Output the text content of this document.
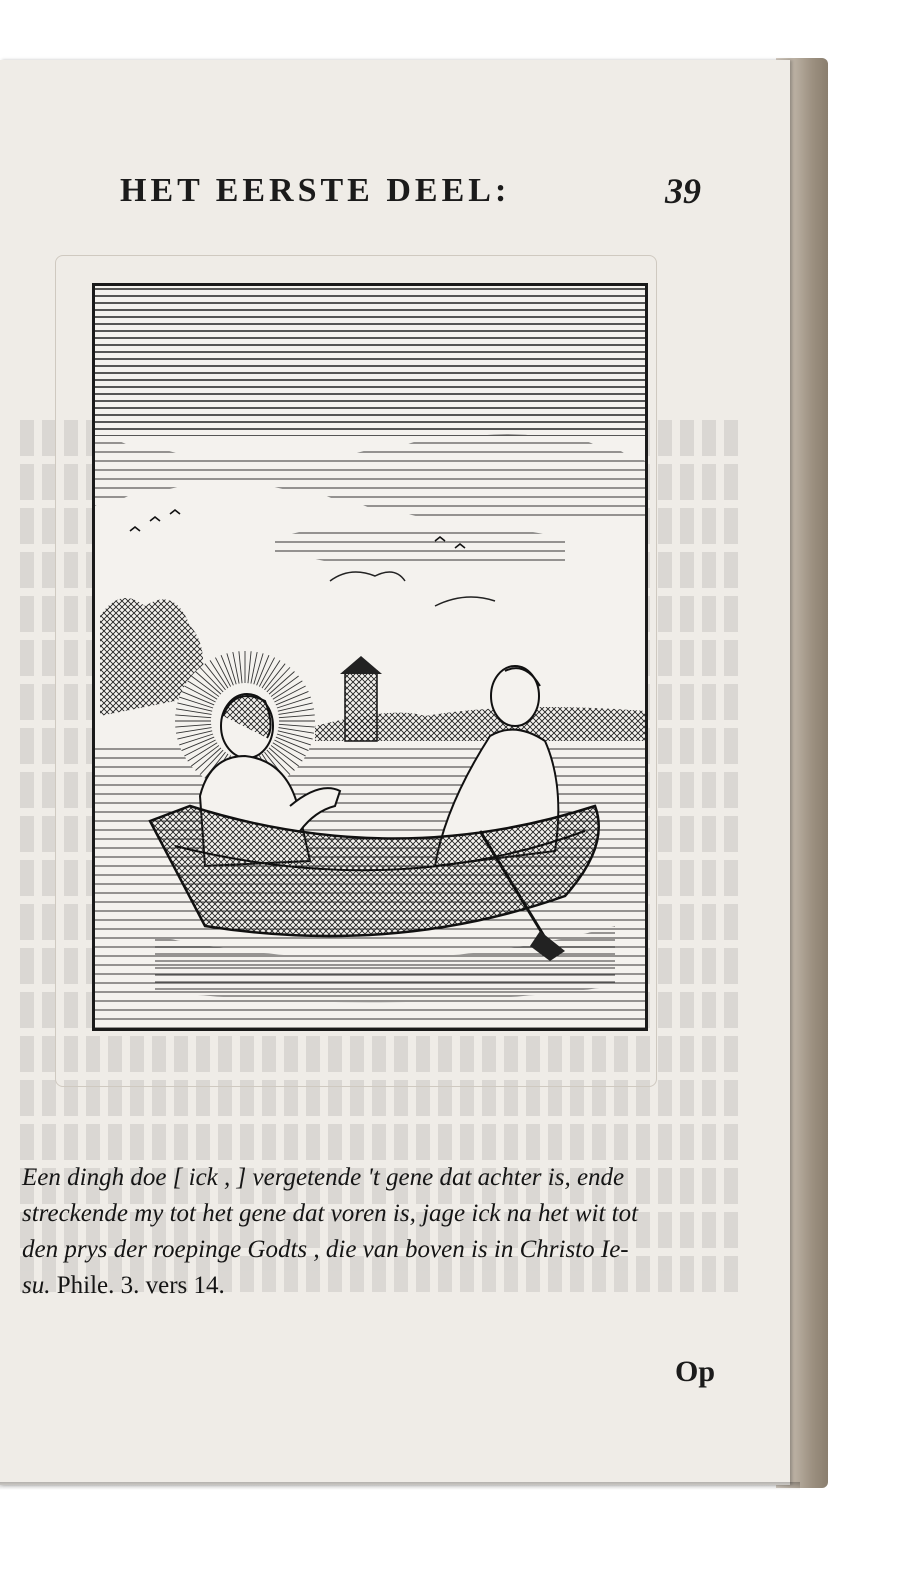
HET EERSTE DEEL:	39

Een dingh doe [ ick , ] vergetende 't gene dat achter is, ende

streckende my tot het gene dat voren is, jage ick na het wit tot

den prys der roepinge Godts , die van boven is in Christo Ie-

su. Phile. 3. vers 14.

Op
